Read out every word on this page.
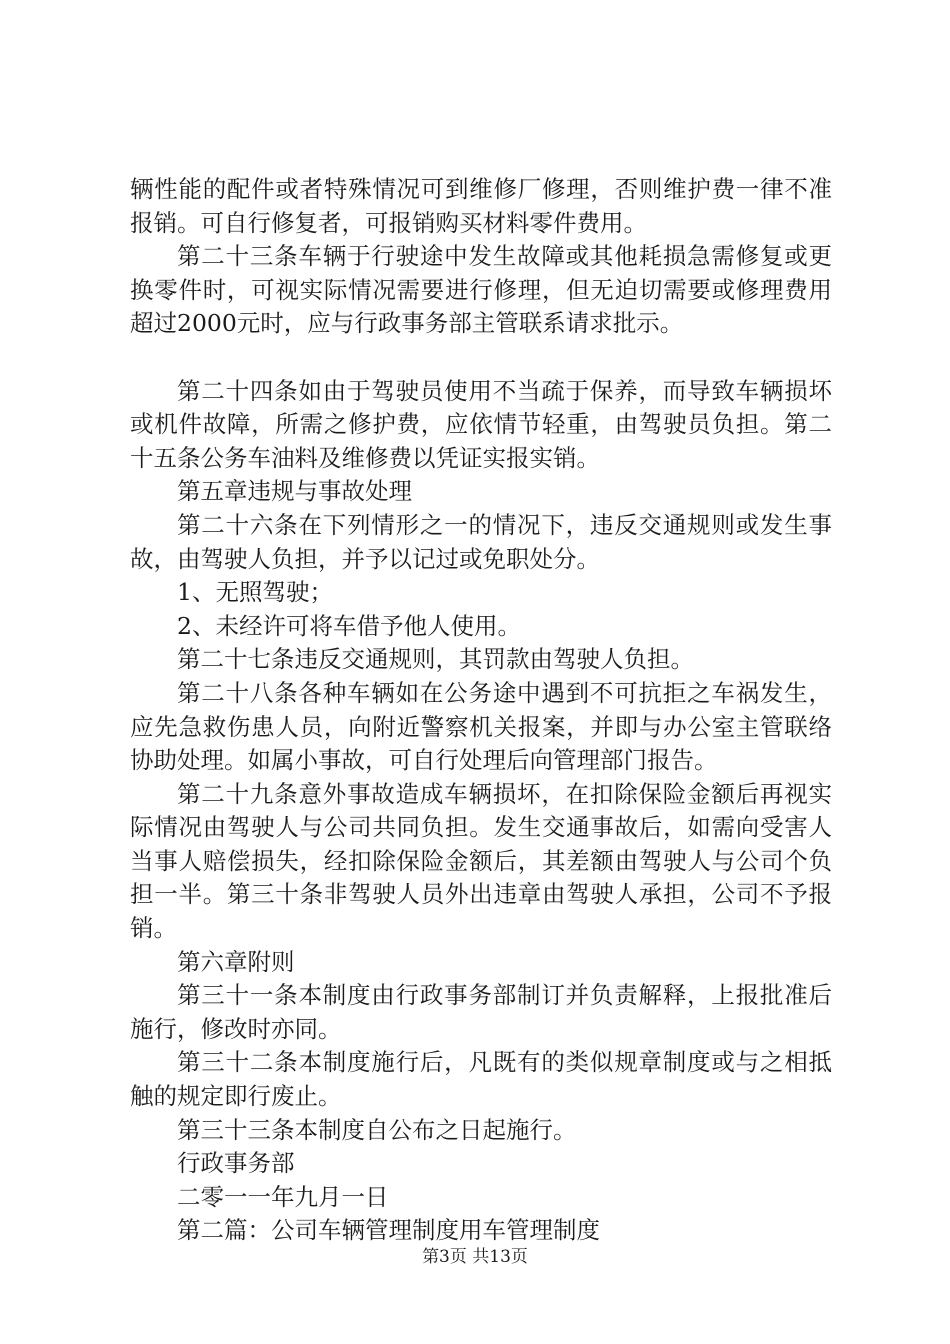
辆性能的配件或者特殊情况可到维修厂修理，否则维护费一律不准报销。可自行修复者，可报销购买材料零件费用。

第二十三条车辆于行驶途中发生故障或其他耗损急需修复或更换零件时，可视实际情况需要进行修理，但无迫切需要或修理费用超过2000元时，应与行政事务部主管联系请求批示。

第二十四条如由于驾驶员使用不当疏于保养，而导致车辆损坏或机件故障，所需之修护费，应依情节轻重，由驾驶员负担。第二十五条公务车油料及维修费以凭证实报实销。

第五章违规与事故处理

第二十六条在下列情形之一的情况下，违反交通规则或发生事故，由驾驶人负担，并予以记过或免职处分。

1、无照驾驶；

2、未经许可将车借予他人使用。

第二十七条违反交通规则，其罚款由驾驶人负担。

第二十八条各种车辆如在公务途中遇到不可抗拒之车祸发生，应先急救伤患人员，向附近警察机关报案，并即与办公室主管联络协助处理。如属小事故，可自行处理后向管理部门报告。

第二十九条意外事故造成车辆损坏，在扣除保险金额后再视实际情况由驾驶人与公司共同负担。发生交通事故后，如需向受害人当事人赔偿损失，经扣除保险金额后，其差额由驾驶人与公司个负担一半。第三十条非驾驶人员外出违章由驾驶人承担，公司不予报销。

第六章附则

第三十一条本制度由行政事务部制订并负责解释，上报批准后施行，修改时亦同。

第三十二条本制度施行后，凡既有的类似规章制度或与之相抵触的规定即行废止。

第三十三条本制度自公布之日起施行。

行政事务部

二零一一年九月一日

第二篇：公司车辆管理制度用车管理制度

第3页 共13页
